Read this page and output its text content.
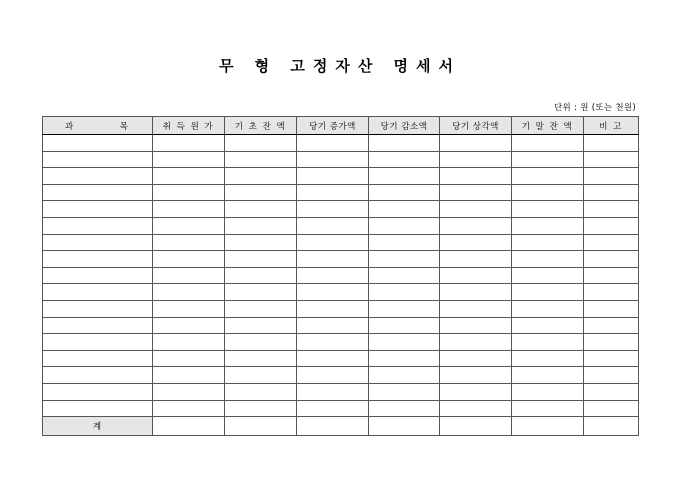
무 형 고정자산 명세서
단위 : 원 (또는 천원)
과 목	취 득 원 가	기 초 잔 액	당기 증가액	당기 감소액	당기 상각액	기 말 잔 액	비 고

계							
